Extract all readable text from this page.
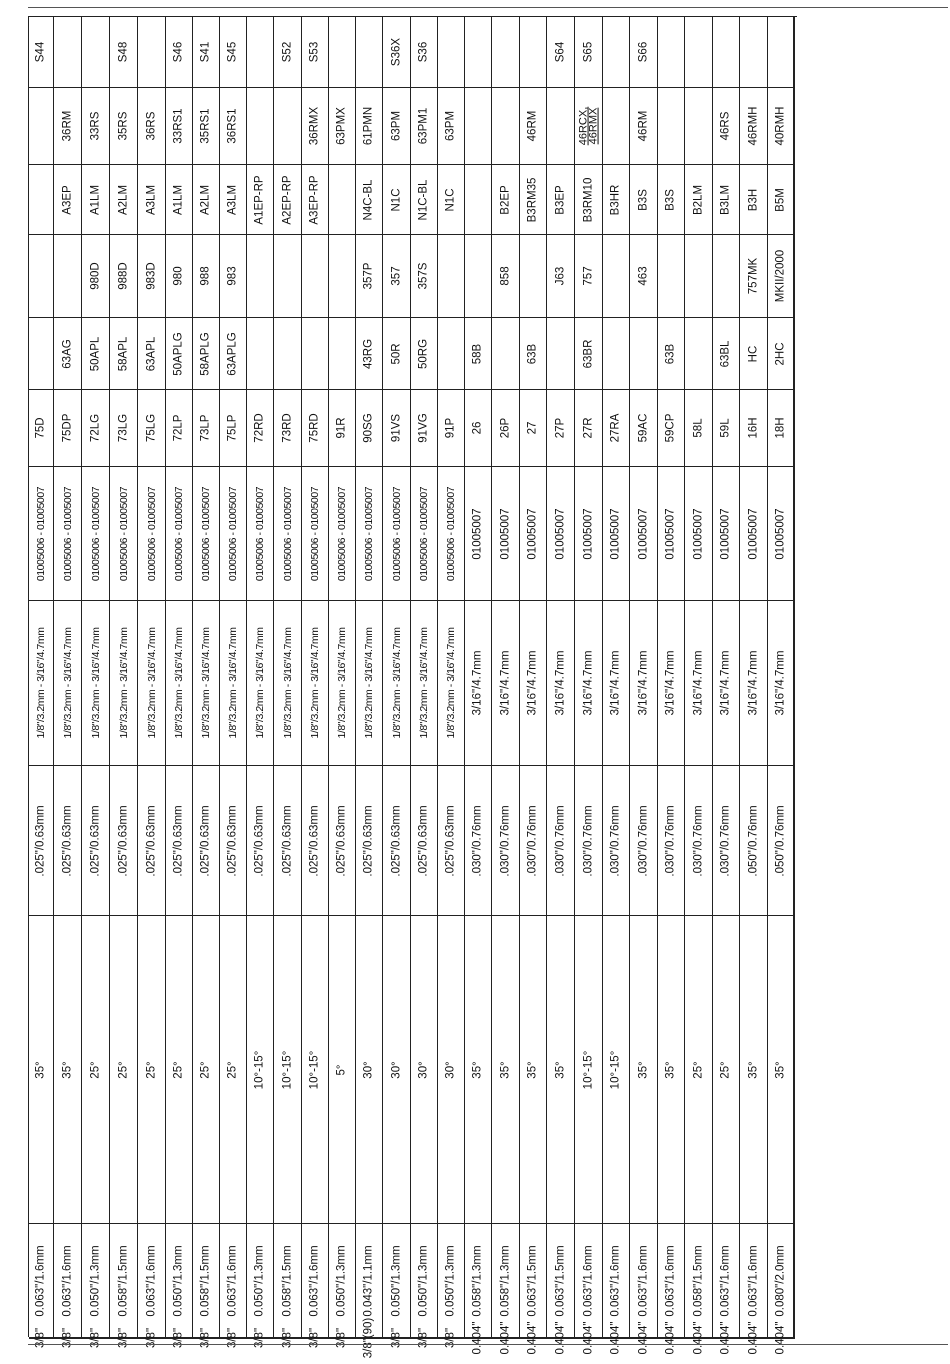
S44
75D
01005006 - 01005007
1/8"/3.2mm - 3/16"/4.7mm
.025"/0.63mm
35°
0.063"/1.6mm
3/8"
36RM
A3EP
63AG
75DP
01005006 - 01005007
1/8"/3.2mm - 3/16"/4.7mm
.025"/0.63mm
35°
0.063"/1.6mm
3/8"
33RS
A1LM
980D
50APL
72LG
01005006 - 01005007
1/8"/3.2mm - 3/16"/4.7mm
.025"/0.63mm
25°
0.050"/1.3mm
3/8"
S48
35RS
A2LM
988D
58APL
73LG
01005006 - 01005007
1/8"/3.2mm - 3/16"/4.7mm
.025"/0.63mm
25°
0.058"/1.5mm
3/8"
36RS
A3LM
983D
63APL
75LG
01005006 - 01005007
1/8"/3.2mm - 3/16"/4.7mm
.025"/0.63mm
25°
0.063"/1.6mm
3/8"
S46
33RS1
A1LM
980
50APLG
72LP
01005006 - 01005007
1/8"/3.2mm - 3/16"/4.7mm
.025"/0.63mm
25°
0.050"/1.3mm
3/8"
S41
35RS1
A2LM
988
58APLG
73LP
01005006 - 01005007
1/8"/3.2mm - 3/16"/4.7mm
.025"/0.63mm
25°
0.058"/1.5mm
3/8"
S45
36RS1
A3LM
983
63APLG
75LP
01005006 - 01005007
1/8"/3.2mm - 3/16"/4.7mm
.025"/0.63mm
25°
0.063"/1.6mm
3/8"
A1EP-RP
72RD
01005006 - 01005007
1/8"/3.2mm - 3/16"/4.7mm
.025"/0.63mm
10°-15°
0.050"/1.3mm
3/8"
S52
A2EP-RP
73RD
01005006 - 01005007
1/8"/3.2mm - 3/16"/4.7mm
.025"/0.63mm
10°-15°
0.058"/1.5mm
3/8"
S53
36RMX
A3EP-RP
75RD
01005006 - 01005007
1/8"/3.2mm - 3/16"/4.7mm
.025"/0.63mm
10°-15°
0.063"/1.6mm
3/8"
63PMX
91R
01005006 - 01005007
1/8"/3.2mm - 3/16"/4.7mm
.025"/0.63mm
5°
0.050"/1.3mm
3/8"
61PMN
N4C-BL
357P
43RG
90SG
01005006 - 01005007
1/8"/3.2mm - 3/16"/4.7mm
.025"/0.63mm
30°
0.043"/1.1mm
3/8"(90)
S36X
63PM
N1C
357
50R
91VS
01005006 - 01005007
1/8"/3.2mm - 3/16"/4.7mm
.025"/0.63mm
30°
0.050"/1.3mm
3/8"
S36
63PM1
N1C-BL
357S
50RG
91VG
01005006 - 01005007
1/8"/3.2mm - 3/16"/4.7mm
.025"/0.63mm
30°
0.050"/1.3mm
3/8"
63PM
N1C
91P
01005006 - 01005007
1/8"/3.2mm - 3/16"/4.7mm
.025"/0.63mm
30°
0.050"/1.3mm
3/8"
58B
26
01005007
3/16"/4.7mm
.030"/0.76mm
35°
0.058"/1.3mm
0.404"
B2EP
858
26P
01005007
3/16"/4.7mm
.030"/0.76mm
35°
0.058"/1.3mm
0.404"
46RM
B3RM35
63B
27
01005007
3/16"/4.7mm
.030"/0.76mm
35°
0.063"/1.5mm
0.404"
S64
B3EP
J63
27P
01005007
3/16"/4.7mm
.030"/0.76mm
35°
0.063"/1.5mm
0.404"
S65
46RCX, 46RMX
B3RM10
757
63BR
27R
01005007
3/16"/4.7mm
.030"/0.76mm
10°-15°
0.063"/1.6mm
0.404"
B3HR
27RA
01005007
3/16"/4.7mm
.030"/0.76mm
10°-15°
0.063"/1.6mm
0.404"
S66
46RM
B3S
463
59AC
01005007
3/16"/4.7mm
.030"/0.76mm
35°
0.063"/1.6mm
0.404"
B3S
63B
59CP
01005007
3/16"/4.7mm
.030"/0.76mm
35°
0.063"/1.6mm
0.404"
B2LM
58L
01005007
3/16"/4.7mm
.030"/0.76mm
25°
0.058"/1.5mm
0.404"
46RS
B3LM
63BL
59L
01005007
3/16"/4.7mm
.030"/0.76mm
25°
0.063"/1.6mm
0.404"
46RMH
B3H
757MK
HC
16H
01005007
3/16"/4.7mm
.050"/0.76mm
35°
0.063"/1.6mm
0.404"
40RMH
B5M
MKII/2000
2HC
18H
01005007
3/16"/4.7mm
.050"/0.76mm
35°
0.080"/2.0mm
0.404"
